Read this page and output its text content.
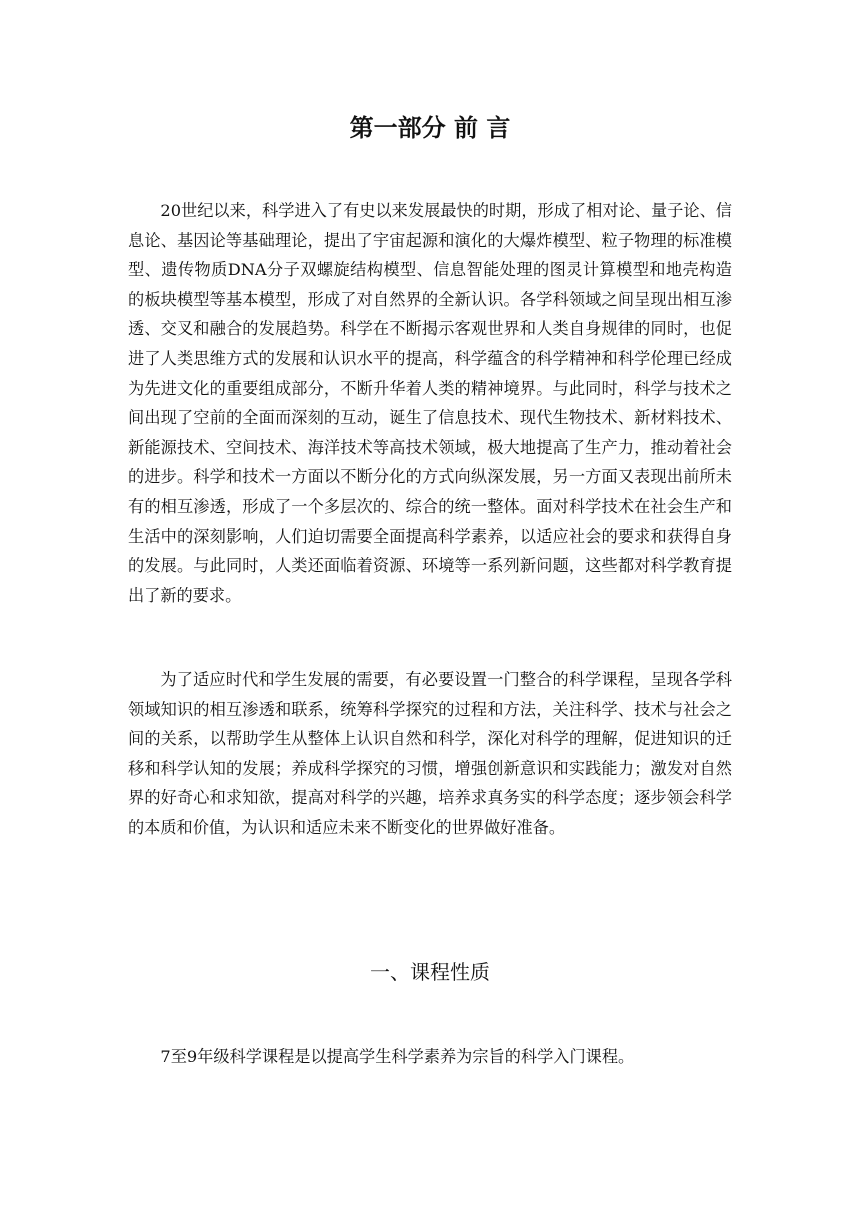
第一部分 前 言

20世纪以来，科学进入了有史以来发展最快的时期，形成了相对论、量子论、信息论、基因论等基础理论，提出了宇宙起源和演化的大爆炸模型、粒子物理的标准模型、遗传物质DNA分子双螺旋结构模型、信息智能处理的图灵计算模型和地壳构造的板块模型等基本模型，形成了对自然界的全新认识。各学科领域之间呈现出相互渗透、交叉和融合的发展趋势。科学在不断揭示客观世界和人类自身规律的同时，也促进了人类思维方式的发展和认识水平的提高，科学蕴含的科学精神和科学伦理已经成为先进文化的重要组成部分，不断升华着人类的精神境界。与此同时，科学与技术之间出现了空前的全面而深刻的互动，诞生了信息技术、现代生物技术、新材料技术、新能源技术、空间技术、海洋技术等高技术领域，极大地提高了生产力，推动着社会的进步。科学和技术一方面以不断分化的方式向纵深发展，另一方面又表现出前所未有的相互渗透，形成了一个多层次的、综合的统一整体。面对科学技术在社会生产和生活中的深刻影响，人们迫切需要全面提高科学素养，以适应社会的要求和获得自身的发展。与此同时，人类还面临着资源、环境等一系列新问题，这些都对科学教育提出了新的要求。

为了适应时代和学生发展的需要，有必要设置一门整合的科学课程，呈现各学科领域知识的相互渗透和联系，统筹科学探究的过程和方法，关注科学、技术与社会之间的关系，以帮助学生从整体上认识自然和科学，深化对科学的理解，促进知识的迁移和科学认知的发展；养成科学探究的习惯，增强创新意识和实践能力；激发对自然界的好奇心和求知欲，提高对科学的兴趣，培养求真务实的科学态度；逐步领会科学的本质和价值，为认识和适应未来不断变化的世界做好准备。

一、课程性质

7至9年级科学课程是以提高学生科学素养为宗旨的科学入门课程。
